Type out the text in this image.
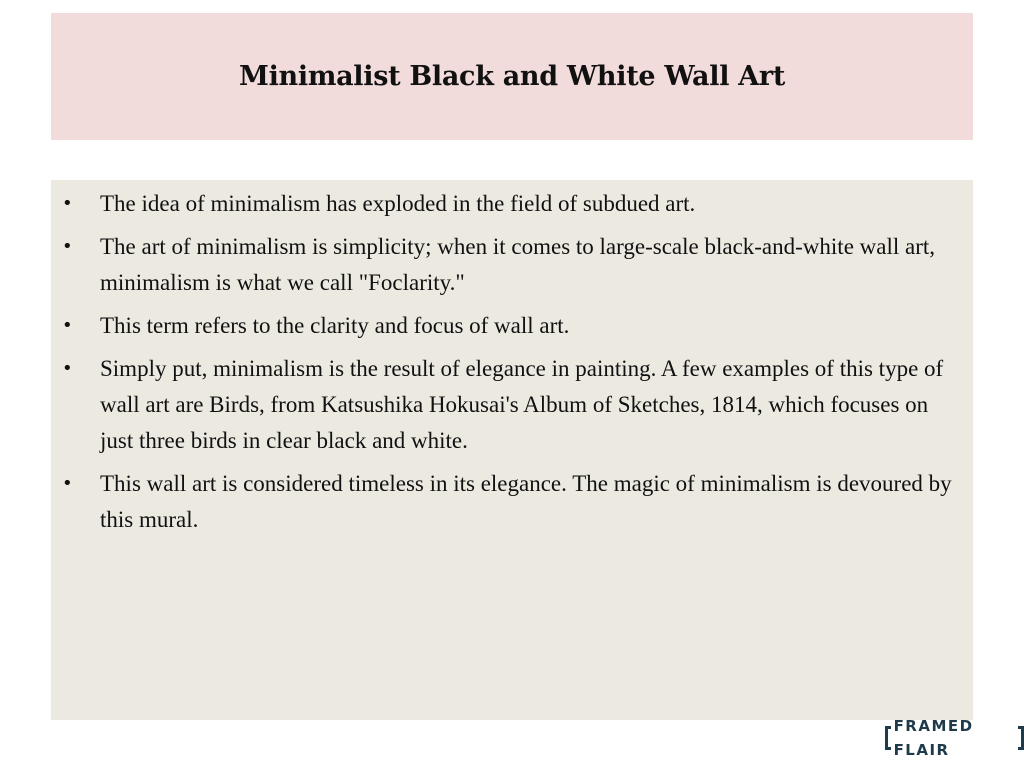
Minimalist Black and White Wall Art
• The idea of minimalism has exploded in the field of subdued art.
• The art of minimalism is simplicity; when it comes to large-scale black-and-white wall art, minimalism is what we call "Foclarity."
• This term refers to the clarity and focus of wall art.
• Simply put, minimalism is the result of elegance in painting. A few examples of this type of wall art are Birds, from Katsushika Hokusai's Album of Sketches, 1814, which focuses on just three birds in clear black and white.
• This wall art is considered timeless in its elegance. The magic of minimalism is devoured by this mural.
FRAMED FLAIR
